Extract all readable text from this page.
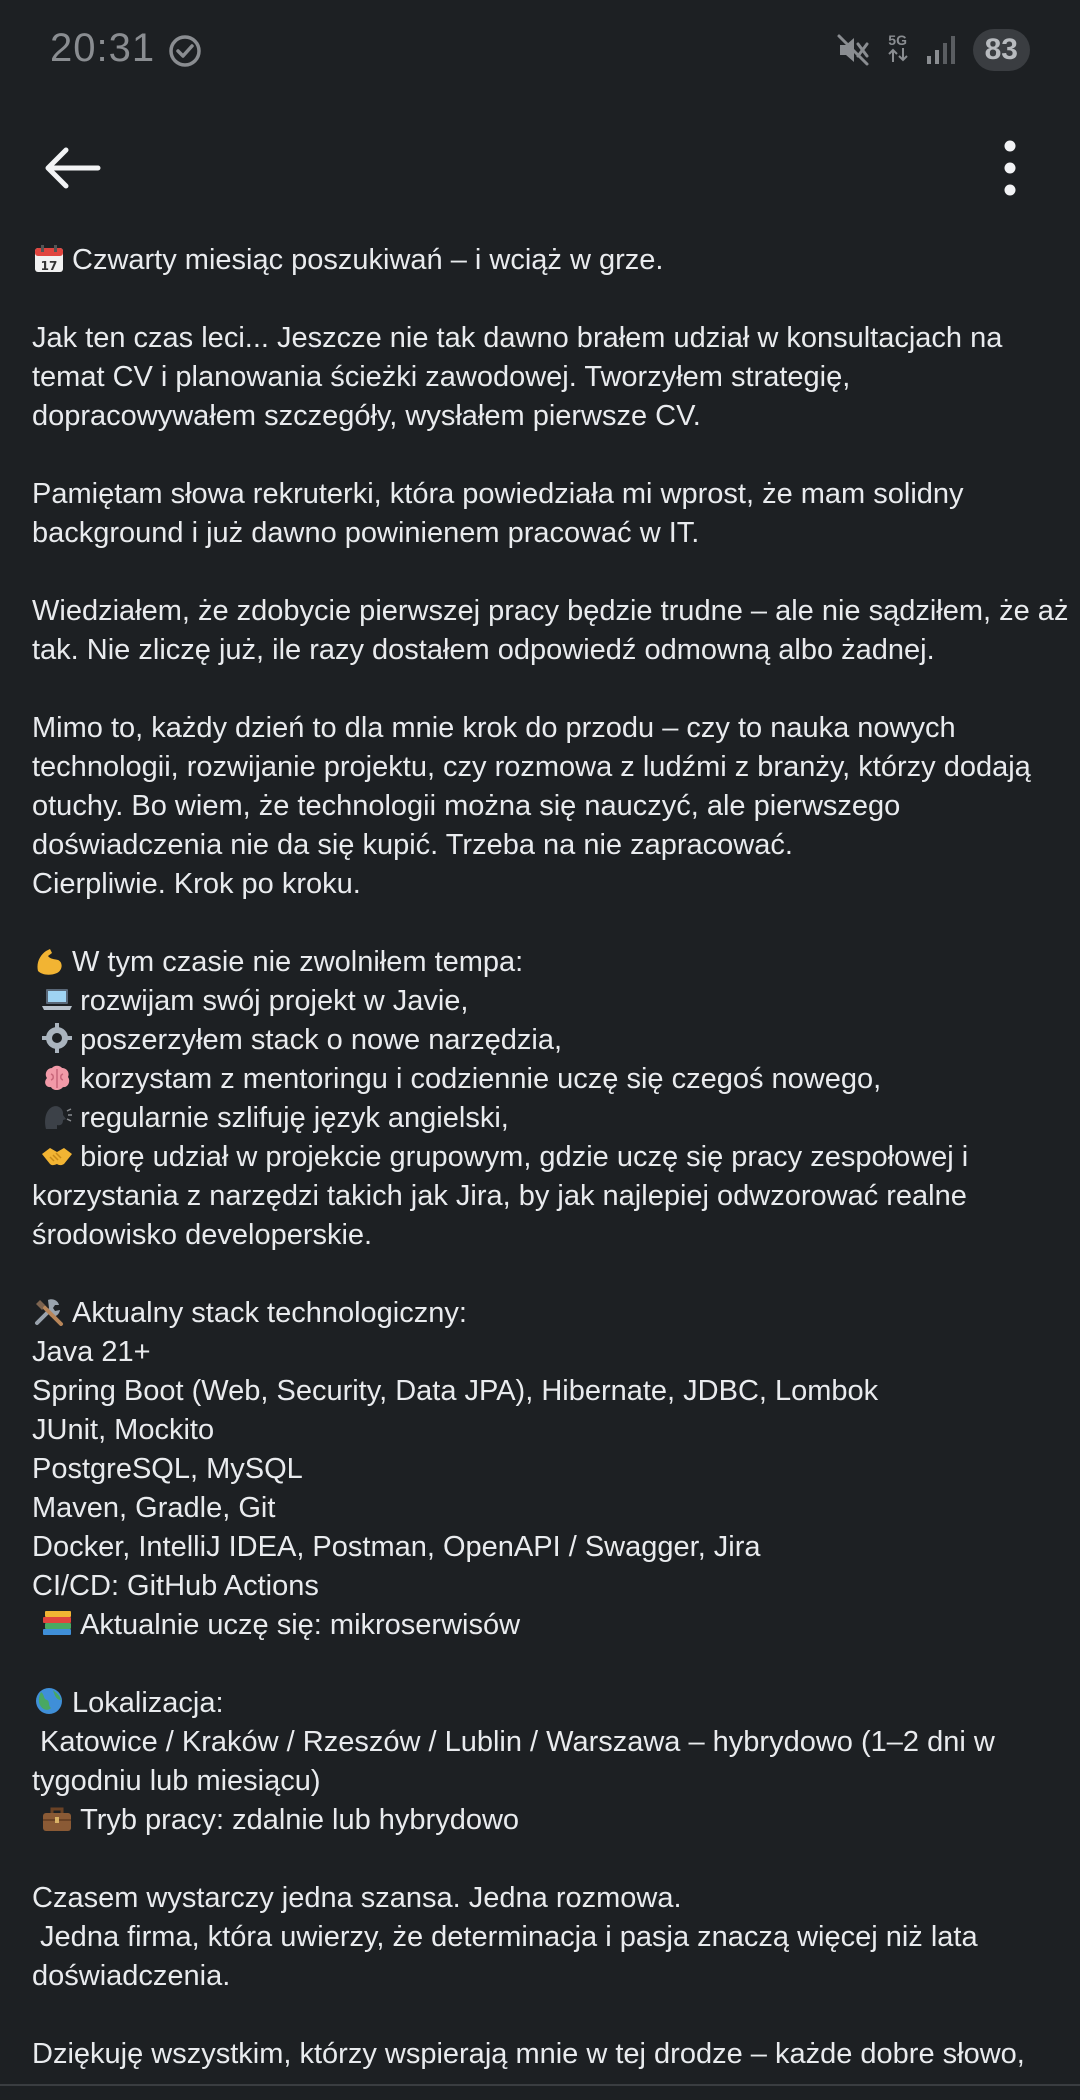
20:31	5G	83
17 Czwarty miesiąc poszukiwań – i wciąż w grze.
Jak ten czas leci... Jeszcze nie tak dawno brałem udział w konsultacjach na
temat CV i planowania ścieżki zawodowej. Tworzyłem strategię,
dopracowywałem szczegóły, wysłałem pierwsze CV.
Pamiętam słowa rekruterki, która powiedziała mi wprost, że mam solidny
background i już dawno powinienem pracować w IT.
Wiedziałem, że zdobycie pierwszej pracy będzie trudne – ale nie sądziłem, że aż
tak. Nie zliczę już, ile razy dostałem odpowiedź odmowną albo żadnej.
Mimo to, każdy dzień to dla mnie krok do przodu – czy to nauka nowych
technologii, rozwijanie projektu, czy rozmowa z ludźmi z branży, którzy dodają
otuchy. Bo wiem, że technologii można się nauczyć, ale pierwszego
doświadczenia nie da się kupić. Trzeba na nie zapracować.
Cierpliwie. Krok po kroku.
W tym czasie nie zwolniłem tempa:
rozwijam swój projekt w Javie,
poszerzyłem stack o nowe narzędzia,
korzystam z mentoringu i codziennie uczę się czegoś nowego,
regularnie szlifuję język angielski,
biorę udział w projekcie grupowym, gdzie uczę się pracy zespołowej i
korzystania z narzędzi takich jak Jira, by jak najlepiej odwzorować realne
środowisko developerskie.
Aktualny stack technologiczny:
Java 21+
Spring Boot (Web, Security, Data JPA), Hibernate, JDBC, Lombok
JUnit, Mockito
PostgreSQL, MySQL
Maven, Gradle, Git
Docker, IntelliJ IDEA, Postman, OpenAPI / Swagger, Jira
CI/CD: GitHub Actions
Aktualnie uczę się: mikroserwisów
Lokalizacja:
Katowice / Kraków / Rzeszów / Lublin / Warszawa – hybrydowo (1–2 dni w
tygodniu lub miesiącu)
Tryb pracy: zdalnie lub hybrydowo
Czasem wystarczy jedna szansa. Jedna rozmowa.
Jedna firma, która uwierzy, że determinacja i pasja znaczą więcej niż lata
doświadczenia.
Dziękuję wszystkim, którzy wspierają mnie w tej drodze – każde dobre słowo,
